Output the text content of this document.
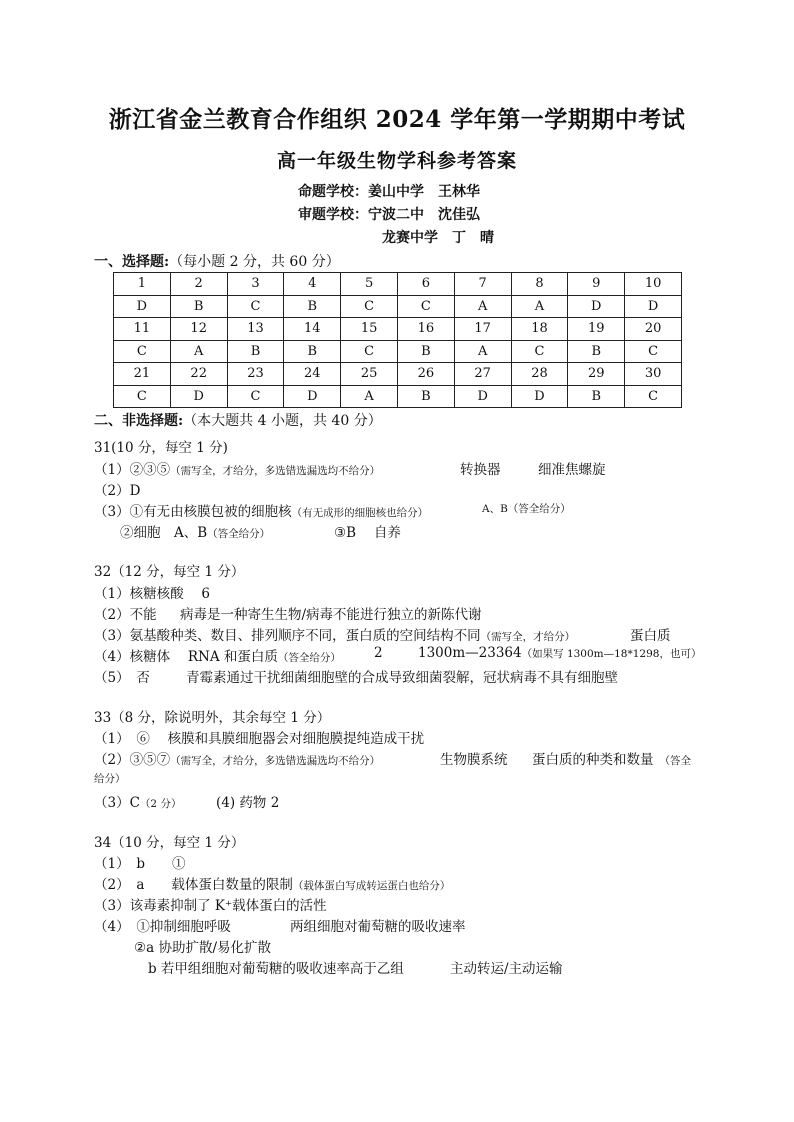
浙江省金兰教育合作组织 2024 学年第一学期期中考试
高一年级生物学科参考答案
命题学校：姜山中学　王林华
审题学校：宁波二中　沈佳弘
龙赛中学　丁　晴
一、选择题:（每小题 2 分，共 60 分）
1	2	3	4	5	6	7	8	9	10
D	B	C	B	C	C	A	A	D	D
11	12	13	14	15	16	17	18	19	20
C	A	B	B	C	B	A	C	B	C
21	22	23	24	25	26	27	28	29	30
C	D	C	D	A	B	D	D	B	C
二、非选择题:（本大题共 4 小题，共 40 分）
31(10 分，每空 1 分)
（1）②③⑤（需写全，才给分，多选错选漏选均不给分）	转换器	细准焦螺旋
（2）D
（3）①有无由核膜包被的细胞核（有无成形的细胞核也给分）	A、B（答全给分）
②细胞　A、B（答全给分）	③B　 自养
32（12 分，每空 1 分）
（1）核糖核酸　 6
（2）不能 病毒是一种寄生生物/病毒不能进行独立的新陈代谢
（3）氨基酸种类、数目、排列顺序不同，蛋白质的空间结构不同（需写全，才给分）	蛋白质
（4）核糖体　 RNA 和蛋白质（答全给分） 2	1300m—23364（如果写 1300m—18*1298，也可）
（5）　否	青霉素通过干扰细菌细胞壁的合成导致细菌裂解，冠状病毒不具有细胞壁
33（8 分，除说明外，其余每空 1 分）
（1）　⑥　 核膜和具膜细胞器会对细胞膜提纯造成干扰
（2）③⑤⑦（需写全，才给分，多选错选漏选均不给分）	生物膜系统 蛋白质的种类和数量 （答全
给分）
（3）C（2 分）	(4) 药物 2
34（10 分，每空 1 分）
（1）　b　　①
（2）　a　　载体蛋白数量的限制（载体蛋白写成转运蛋白也给分）
（3）该毒素抑制了 K⁺载体蛋白的活性
（4）　①抑制细胞呼吸	两组细胞对葡萄糖的吸收速率
②a 协助扩散/易化扩散
b 若甲组细胞对葡萄糖的吸收速率高于乙组	主动转运/主动运输
